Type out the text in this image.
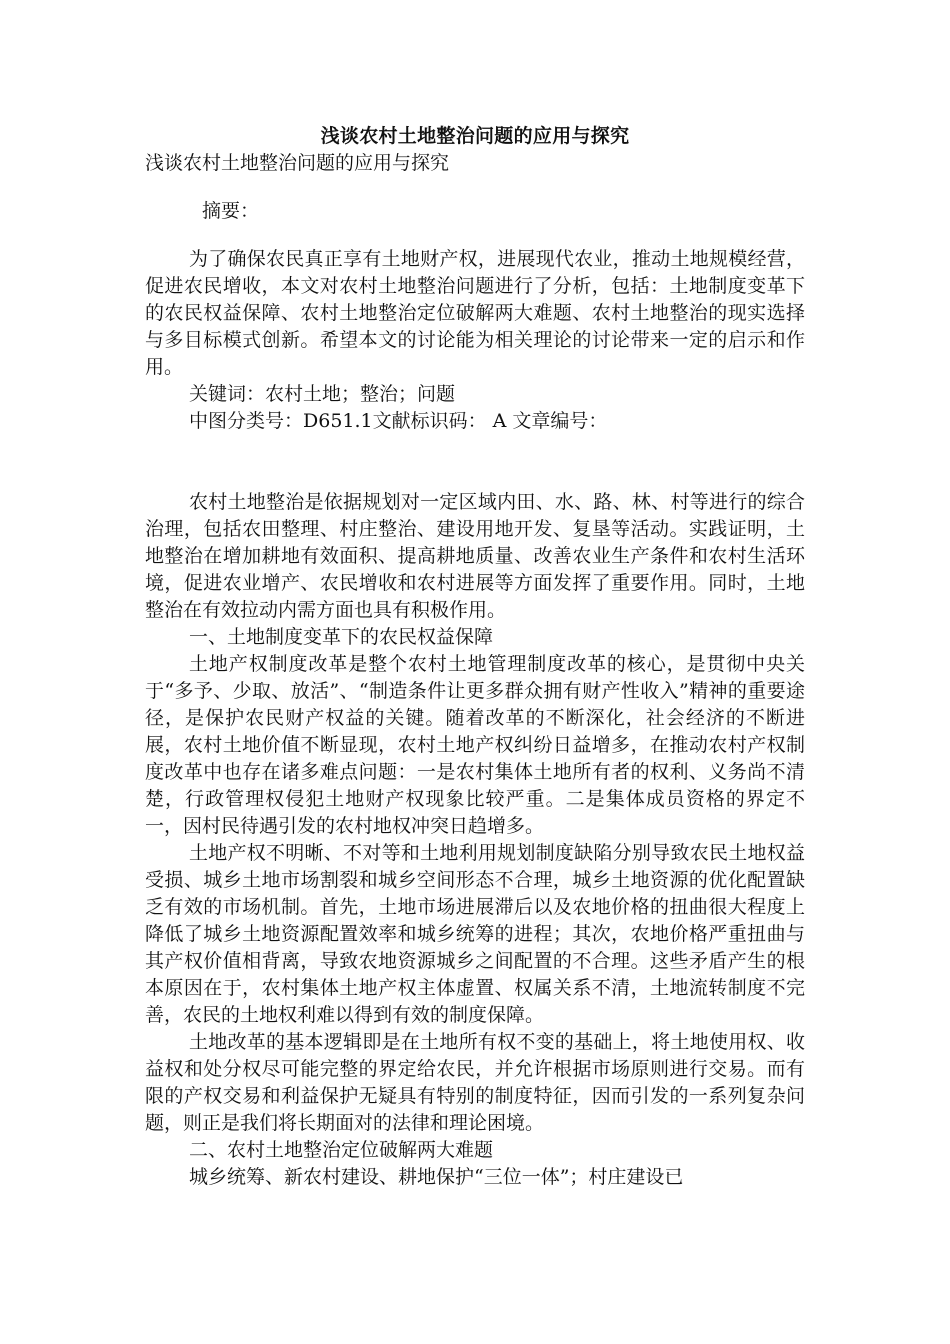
浅谈农村土地整治问题的应用与探究

浅谈农村土地整治问题的应用与探究

摘要：

为了确保农民真正享有土地财产权，进展现代农业，推动土地规模经营，促进农民增收，本文对农村土地整治问题进行了分析，包括：土地制度变革下的农民权益保障、农村土地整治定位破解两大难题、农村土地整治的现实选择与多目标模式创新。希望本文的讨论能为相关理论的讨论带来一定的启示和作用。

关键词：农村土地；整治；问题

中图分类号：D651.1文献标识码： A 文章编号：

农村土地整治是依据规划对一定区域内田、水、路、林、村等进行的综合治理，包括农田整理、村庄整治、建设用地开发、复垦等活动。实践证明，土地整治在增加耕地有效面积、提高耕地质量、改善农业生产条件和农村生活环境，促进农业增产、农民增收和农村进展等方面发挥了重要作用。同时，土地整治在有效拉动内需方面也具有积极作用。

一、土地制度变革下的农民权益保障

土地产权制度改革是整个农村土地管理制度改革的核心，是贯彻中央关于“多予、少取、放活”、“制造条件让更多群众拥有财产性收入”精神的重要途径，是保护农民财产权益的关键。随着改革的不断深化，社会经济的不断进展，农村土地价值不断显现，农村土地产权纠纷日益增多，在推动农村产权制度改革中也存在诸多难点问题：一是农村集体土地所有者的权利、义务尚不清楚，行政管理权侵犯土地财产权现象比较严重。二是集体成员资格的界定不一，因村民待遇引发的农村地权冲突日趋增多。

土地产权不明晰、不对等和土地利用规划制度缺陷分别导致农民土地权益受损、城乡土地市场割裂和城乡空间形态不合理，城乡土地资源的优化配置缺乏有效的市场机制。首先，土地市场进展滞后以及农地价格的扭曲很大程度上降低了城乡土地资源配置效率和城乡统筹的进程；其次，农地价格严重扭曲与其产权价值相背离，导致农地资源城乡之间配置的不合理。这些矛盾产生的根本原因在于，农村集体土地产权主体虚置、权属关系不清，土地流转制度不完善，农民的土地权利难以得到有效的制度保障。

土地改革的基本逻辑即是在土地所有权不变的基础上，将土地使用权、收益权和处分权尽可能完整的界定给农民，并允许根据市场原则进行交易。而有限的产权交易和利益保护无疑具有特别的制度特征，因而引发的一系列复杂问题，则正是我们将长期面对的法律和理论困境。

二、农村土地整治定位破解两大难题

城乡统筹、新农村建设、耕地保护“三位一体”；村庄建设已
